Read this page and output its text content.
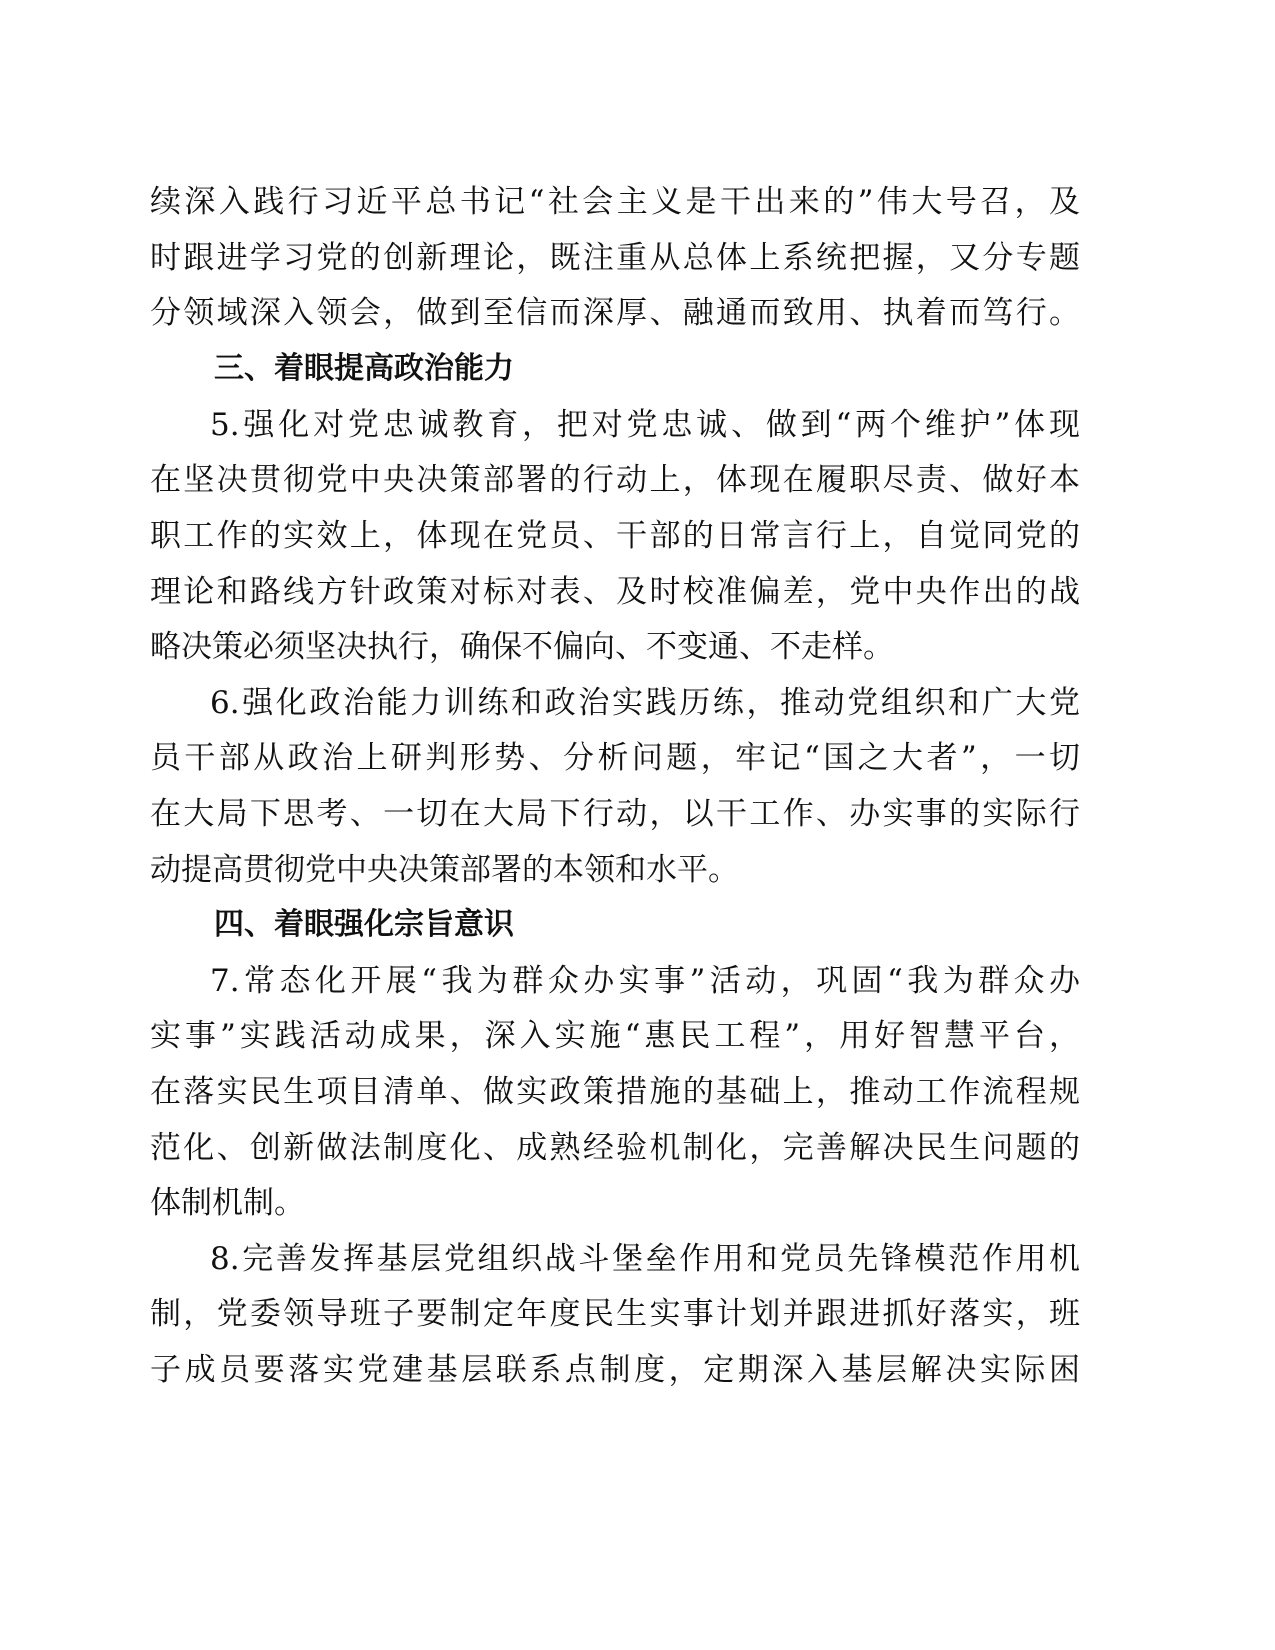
续深入践行习近平总书记“社会主义是干出来的”伟大号召，及
时跟进学习党的创新理论，既注重从总体上系统把握，又分专题
分领域深入领会，做到至信而深厚、融通而致用、执着而笃行。
三、着眼提高政治能力
5.强化对党忠诚教育，把对党忠诚、做到“两个维护”体现
在坚决贯彻党中央决策部署的行动上，体现在履职尽责、做好本
职工作的实效上，体现在党员、干部的日常言行上，自觉同党的
理论和路线方针政策对标对表、及时校准偏差，党中央作出的战
略决策必须坚决执行，确保不偏向、不变通、不走样。
6.强化政治能力训练和政治实践历练，推动党组织和广大党
员干部从政治上研判形势、分析问题，牢记“国之大者”，一切
在大局下思考、一切在大局下行动，以干工作、办实事的实际行
动提高贯彻党中央决策部署的本领和水平。
四、着眼强化宗旨意识
7.常态化开展“我为群众办实事”活动，巩固“我为群众办
实事”实践活动成果，深入实施“惠民工程”，用好智慧平台，
在落实民生项目清单、做实政策措施的基础上，推动工作流程规
范化、创新做法制度化、成熟经验机制化，完善解决民生问题的
体制机制。
8.完善发挥基层党组织战斗堡垒作用和党员先锋模范作用机
制，党委领导班子要制定年度民生实事计划并跟进抓好落实，班
子成员要落实党建基层联系点制度，定期深入基层解决实际困
